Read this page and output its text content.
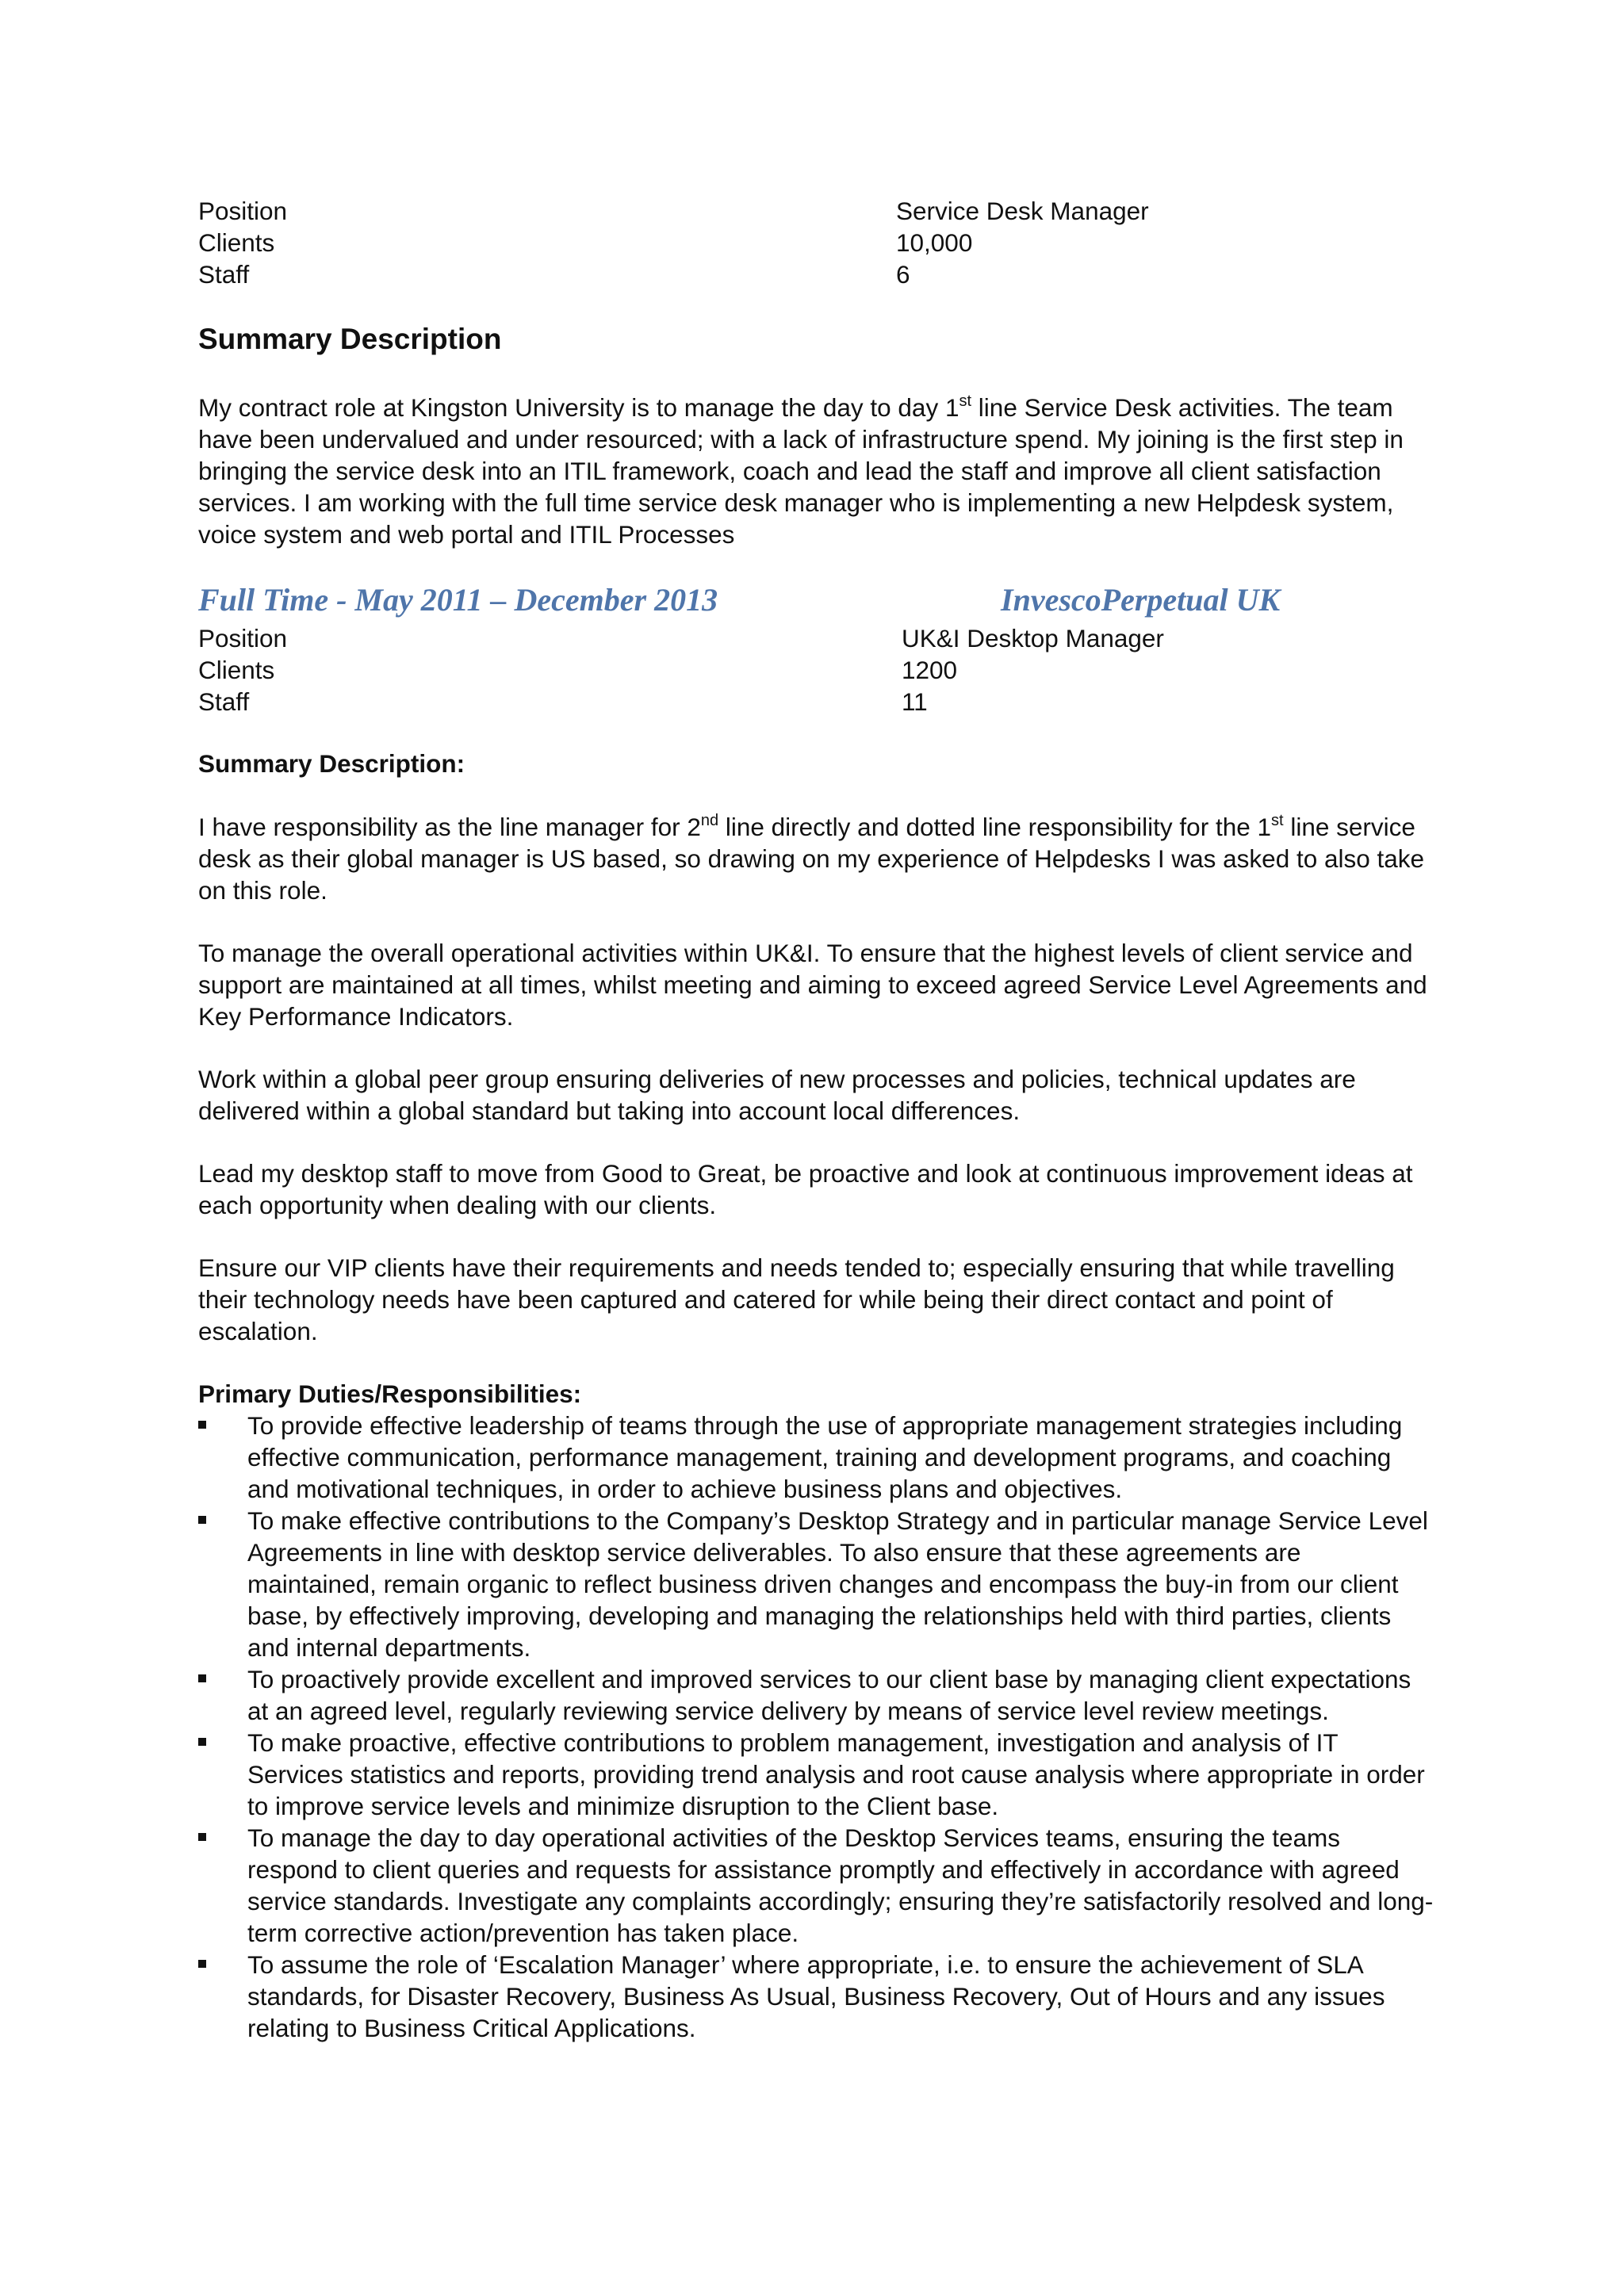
Position	Service Desk Manager
Clients	10,000
Staff	6
Summary Description

My contract role at Kingston University is to manage the day to day 1st line Service Desk activities. The team have been undervalued and under resourced; with a lack of infrastructure spend. My joining is the first step in bringing the service desk into an ITIL framework, coach and lead the staff and improve all client satisfaction services. I am working with the full time service desk manager who is implementing a new Helpdesk system, voice system and web portal and ITIL Processes

Full Time - May 2011 – December 2013	InvescoPerpetual UK
Position	UK&I Desktop Manager
Clients	1200
Staff	11
Summary Description:

I have responsibility as the line manager for 2nd line directly and dotted line responsibility for the 1st line service desk as their global manager is US based, so drawing on my experience of Helpdesks I was asked to also take on this role.

To manage the overall operational activities within UK&I. To ensure that the highest levels of client service and support are maintained at all times, whilst meeting and aiming to exceed agreed Service Level Agreements and Key Performance Indicators.

Work within a global peer group ensuring deliveries of new processes and policies, technical updates are delivered within a global standard but taking into account local differences.

Lead my desktop staff to move from Good to Great, be proactive and look at continuous improvement ideas at each opportunity when dealing with our clients.

Ensure our VIP clients have their requirements and needs tended to; especially ensuring that while travelling their technology needs have been captured and catered for while being their direct contact and point of escalation.

Primary Duties/Responsibilities:
To provide effective leadership of teams through the use of appropriate management strategies including effective communication, performance management, training and development programs, and coaching and motivational techniques, in order to achieve business plans and objectives.
To make effective contributions to the Company’s Desktop Strategy and in particular manage Service Level Agreements in line with desktop service deliverables. To also ensure that these agreements are maintained, remain organic to reflect business driven changes and encompass the buy-in from our client base, by effectively improving, developing and managing the relationships held with third parties, clients and internal departments.
To proactively provide excellent and improved services to our client base by managing client expectations at an agreed level, regularly reviewing service delivery by means of service level review meetings.
To make proactive, effective contributions to problem management, investigation and analysis of IT Services statistics and reports, providing trend analysis and root cause analysis where appropriate in order to improve service levels and minimize disruption to the Client base.
To manage the day to day operational activities of the Desktop Services teams, ensuring the teams respond to client queries and requests for assistance promptly and effectively in accordance with agreed service standards. Investigate any complaints accordingly; ensuring they’re satisfactorily resolved and long-term corrective action/prevention has taken place.
To assume the role of ‘Escalation Manager’ where appropriate, i.e. to ensure the achievement of SLA standards, for Disaster Recovery, Business As Usual, Business Recovery, Out of Hours and any issues relating to Business Critical Applications.
